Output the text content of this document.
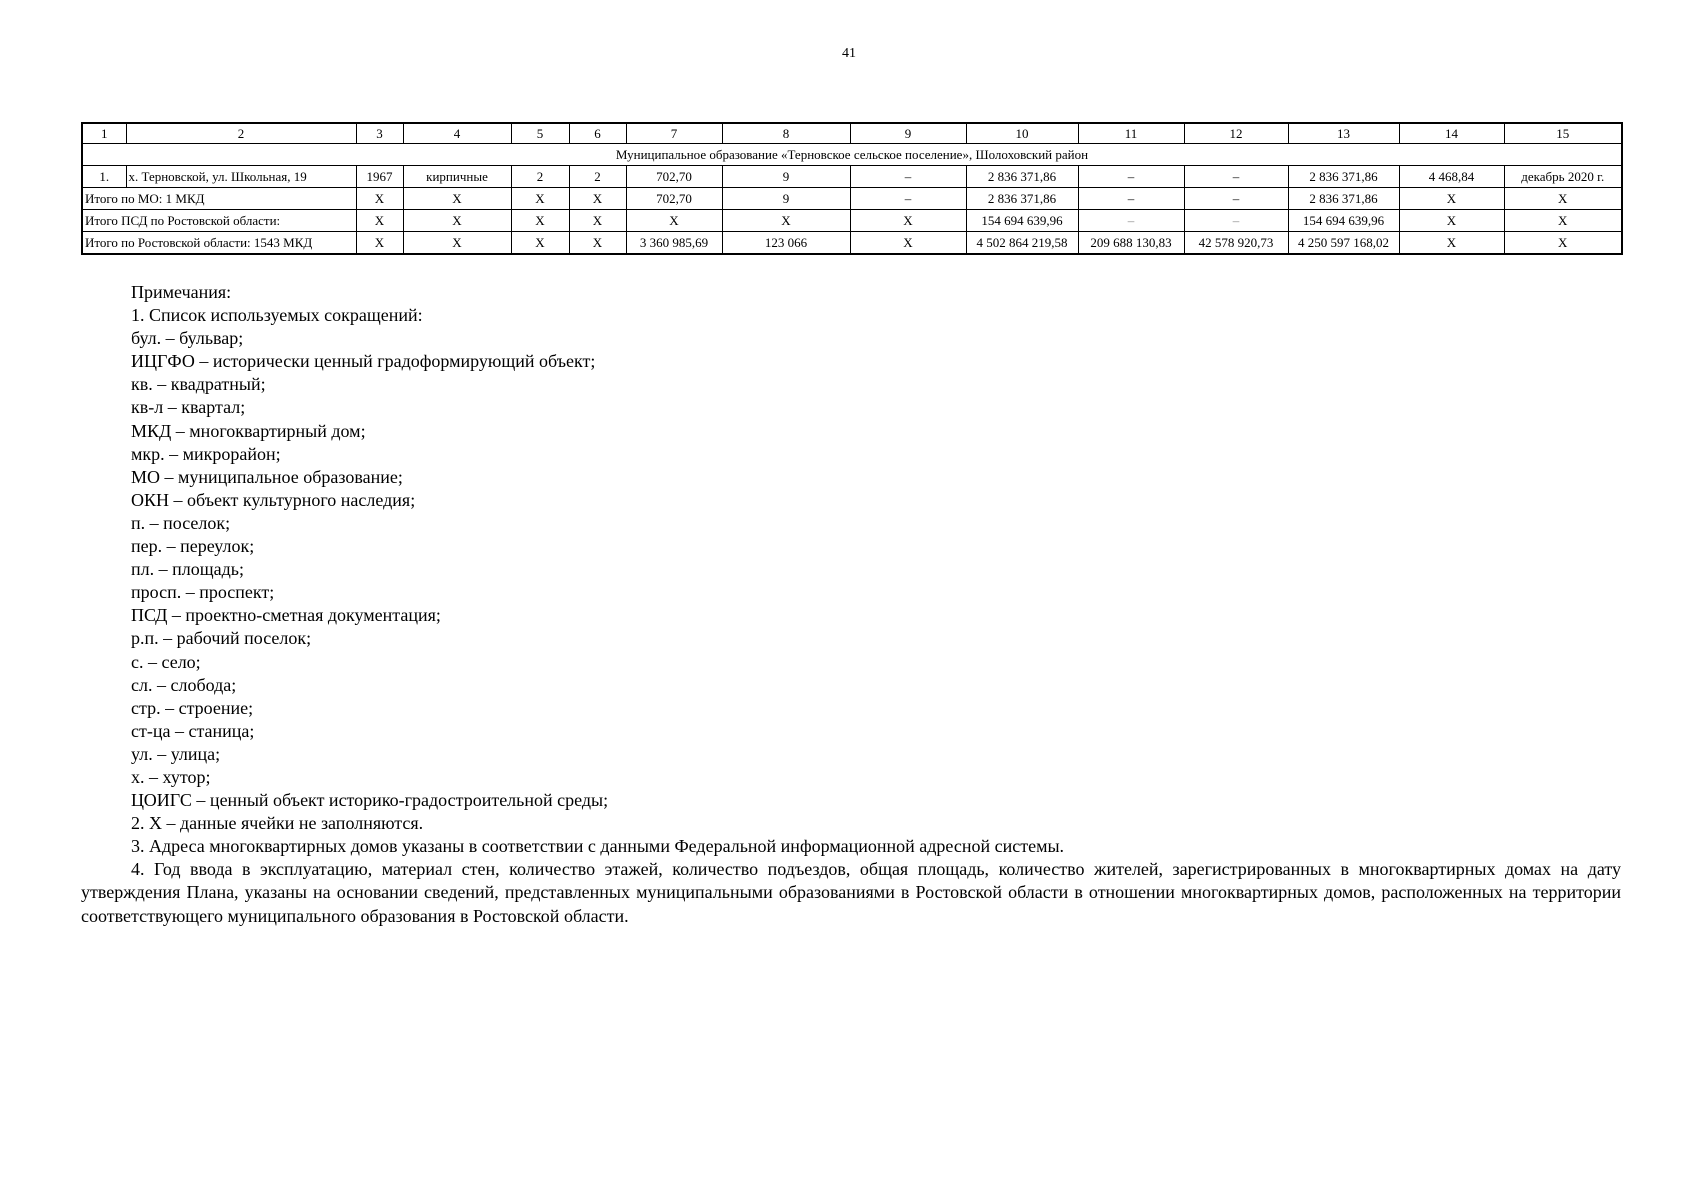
41
1	2	3	4	5	6	7	8	9	10	11	12	13	14	15
Муниципальное образование «Терновское сельское поселение», Шолоховский район														
1.	х. Терновской, ул. Школьная, 19	1967	кирпичные	2	2	702,70	9	–	2 836 371,86	–	–	2 836 371,86	4 468,84	декабрь 2020 г.
Итого по МО: 1 МКД		X	X	X	X	702,70	9	–	2 836 371,86	–	–	2 836 371,86	X	X
Итого ПСД по Ростовской области:		X	X	X	X	X	X	X	154 694 639,96	–	–	154 694 639,96	X	X
Итого по Ростовской области: 1543 МКД		X	X	X	X	3 360 985,69	123 066	X	4 502 864 219,58	209 688 130,83	42 578 920,73	4 250 597 168,02	X	X
Примечания:
1. Список используемых сокращений:
бул. – бульвар;
ИЦГФО – исторически ценный градоформирующий объект;
кв. – квадратный;
кв-л – квартал;
МКД – многоквартирный дом;
мкр. – микрорайон;
МО – муниципальное образование;
ОКН – объект культурного наследия;
п. – поселок;
пер. – переулок;
пл. – площадь;
просп. – проспект;
ПСД – проектно-сметная документация;
р.п. – рабочий поселок;
с. – село;
сл. – слобода;
стр. – строение;
ст-ца – станица;
ул. – улица;
х. – хутор;
ЦОИГС – ценный объект историко-градостроительной среды;
2. X – данные ячейки не заполняются.
3. Адреса многоквартирных домов указаны в соответствии с данными Федеральной информационной адресной системы.
4. Год ввода в эксплуатацию, материал стен, количество этажей, количество подъездов, общая площадь, количество жителей, зарегистрированных в многоквартирных домах на дату утверждения Плана, указаны на основании сведений, представленных муниципальными образованиями в Ростовской области в отношении многоквартирных домов, расположенных на территории соответствующего муниципального образования в Ростовской области.
